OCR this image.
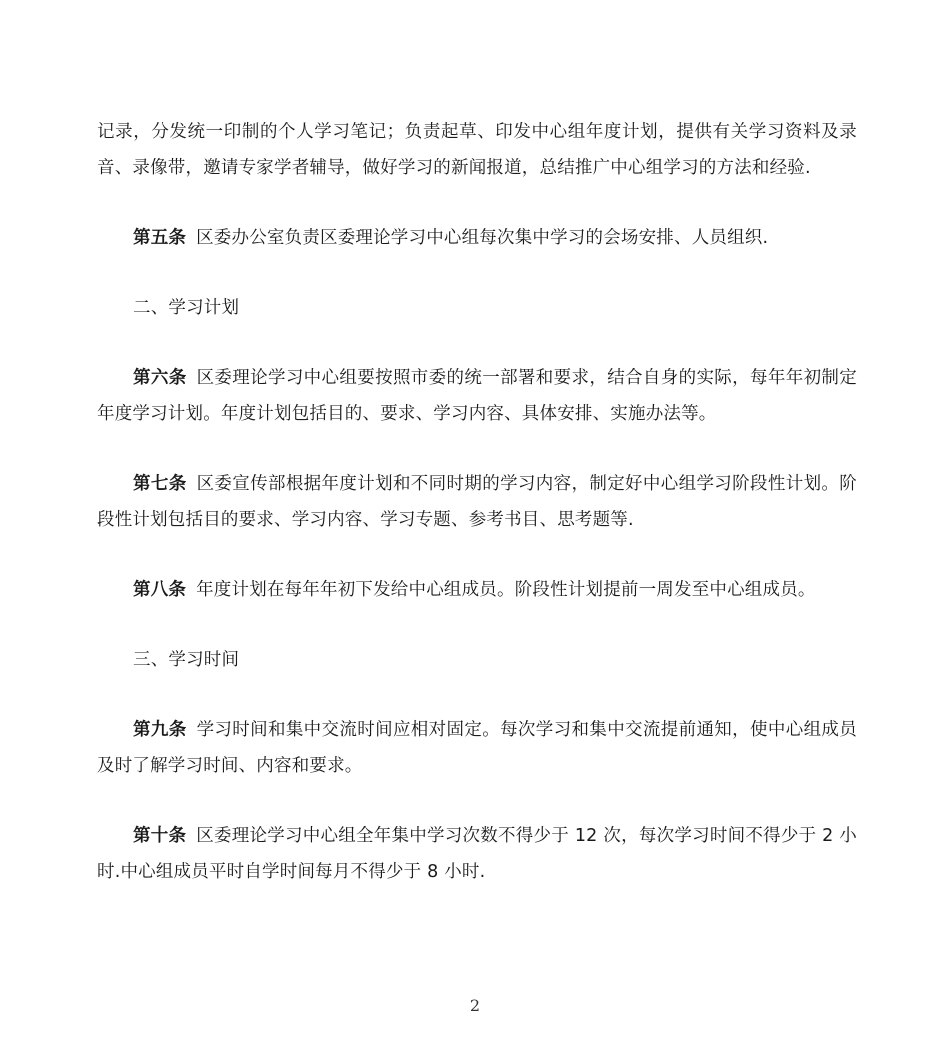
记录，分发统一印制的个人学习笔记；负责起草、印发中心组年度计划，提供有关学习资料及录音、录像带，邀请专家学者辅导，做好学习的新闻报道，总结推广中心组学习的方法和经验.

第五条 区委办公室负责区委理论学习中心组每次集中学习的会场安排、人员组织.

二、学习计划

第六条 区委理论学习中心组要按照市委的统一部署和要求，结合自身的实际，每年年初制定年度学习计划。年度计划包括目的、要求、学习内容、具体安排、实施办法等。

第七条 区委宣传部根据年度计划和不同时期的学习内容，制定好中心组学习阶段性计划。阶段性计划包括目的要求、学习内容、学习专题、参考书目、思考题等.

第八条 年度计划在每年年初下发给中心组成员。阶段性计划提前一周发至中心组成员。

三、学习时间

第九条 学习时间和集中交流时间应相对固定。每次学习和集中交流提前通知，使中心组成员及时了解学习时间、内容和要求。

第十条 区委理论学习中心组全年集中学习次数不得少于 12 次，每次学习时间不得少于 2 小时.中心组成员平时自学时间每月不得少于 8 小时.

2
